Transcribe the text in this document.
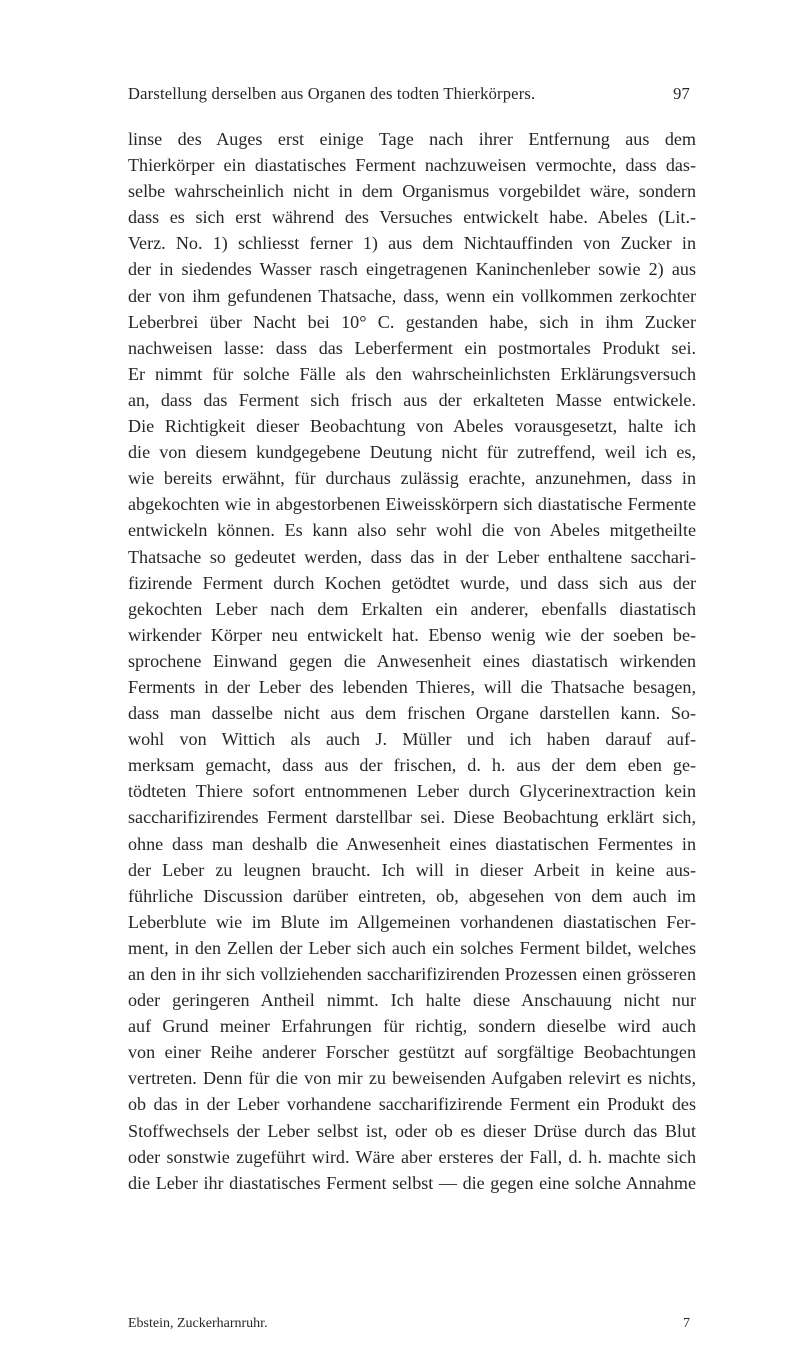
Darstellung derselben aus Organen des todten Thierkörpers.	97
linse des Auges erst einige Tage nach ihrer Entfernung aus dem
Thierkörper ein diastatisches Ferment nachzuweisen vermochte, dass das-
selbe wahrscheinlich nicht in dem Organismus vorgebildet wäre, sondern
dass es sich erst während des Versuches entwickelt habe. Abeles (Lit.-
Verz. No. 1) schliesst ferner 1) aus dem Nichtauffinden von Zucker in
der in siedendes Wasser rasch eingetragenen Kaninchenleber sowie 2) aus
der von ihm gefundenen Thatsache, dass, wenn ein vollkommen zerkochter
Leberbrei über Nacht bei 10° C. gestanden habe, sich in ihm Zucker
nachweisen lasse: dass das Leberferment ein postmortales Produkt sei.
Er nimmt für solche Fälle als den wahrscheinlichsten Erklärungsversuch
an, dass das Ferment sich frisch aus der erkalteten Masse entwickele.
Die Richtigkeit dieser Beobachtung von Abeles vorausgesetzt, halte ich
die von diesem kundgegebene Deutung nicht für zutreffend, weil ich es,
wie bereits erwähnt, für durchaus zulässig erachte, anzunehmen, dass in
abgekochten wie in abgestorbenen Eiweisskörpern sich diastatische Fermente
entwickeln können. Es kann also sehr wohl die von Abeles mitgetheilte
Thatsache so gedeutet werden, dass das in der Leber enthaltene sacchari-
fizirende Ferment durch Kochen getödtet wurde, und dass sich aus der
gekochten Leber nach dem Erkalten ein anderer, ebenfalls diastatisch
wirkender Körper neu entwickelt hat. Ebenso wenig wie der soeben be-
sprochene Einwand gegen die Anwesenheit eines diastatisch wirkenden
Ferments in der Leber des lebenden Thieres, will die Thatsache besagen,
dass man dasselbe nicht aus dem frischen Organe darstellen kann. So-
wohl von Wittich als auch J. Müller und ich haben darauf auf-
merksam gemacht, dass aus der frischen, d. h. aus der dem eben ge-
tödteten Thiere sofort entnommenen Leber durch Glycerinextraction kein
saccharifizirendes Ferment darstellbar sei. Diese Beobachtung erklärt sich,
ohne dass man deshalb die Anwesenheit eines diastatischen Fermentes in
der Leber zu leugnen braucht. Ich will in dieser Arbeit in keine aus-
führliche Discussion darüber eintreten, ob, abgesehen von dem auch im
Leberblute wie im Blute im Allgemeinen vorhandenen diastatischen Fer-
ment, in den Zellen der Leber sich auch ein solches Ferment bildet, welches
an den in ihr sich vollziehenden saccharifizirenden Prozessen einen grösseren
oder geringeren Antheil nimmt. Ich halte diese Anschauung nicht nur
auf Grund meiner Erfahrungen für richtig, sondern dieselbe wird auch
von einer Reihe anderer Forscher gestützt auf sorgfältige Beobachtungen
vertreten. Denn für die von mir zu beweisenden Aufgaben relevirt es nichts,
ob das in der Leber vorhandene saccharifizirende Ferment ein Produkt des
Stoffwechsels der Leber selbst ist, oder ob es dieser Drüse durch das Blut
oder sonstwie zugeführt wird. Wäre aber ersteres der Fall, d. h. machte sich
die Leber ihr diastatisches Ferment selbst — die gegen eine solche Annahme
Ebstein, Zuckerharnruhr.	7
